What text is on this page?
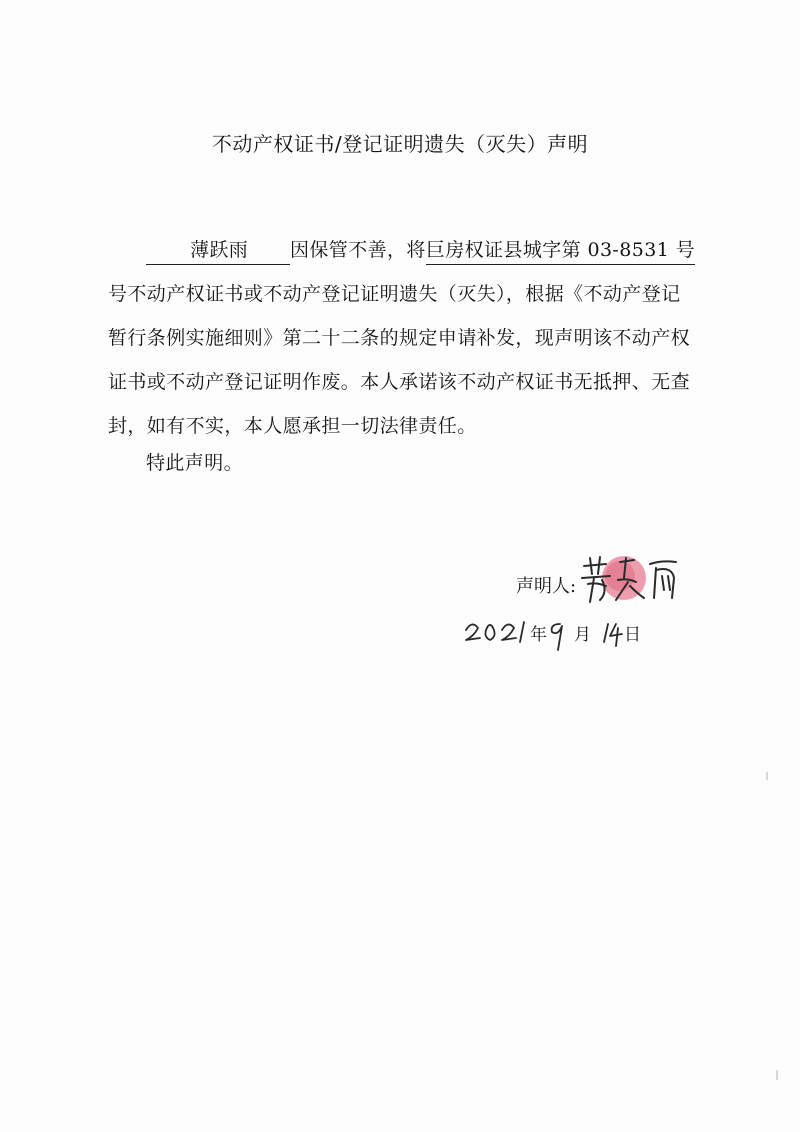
不动产权证书/登记证明遗失（灭失）声明
薄跃雨 因保管不善，将巨房权证县城字第 03-8531 号
号不动产权证书或不动产登记证明遗失（灭失），根据《不动产登记
暂行条例实施细则》第二十二条的规定申请补发，现声明该不动产权
证书或不动产登记证明作废。本人承诺该不动产权证书无抵押、无查
封，如有不实，本人愿承担一切法律责任。
特此声明。
声明人:
年 月 日
